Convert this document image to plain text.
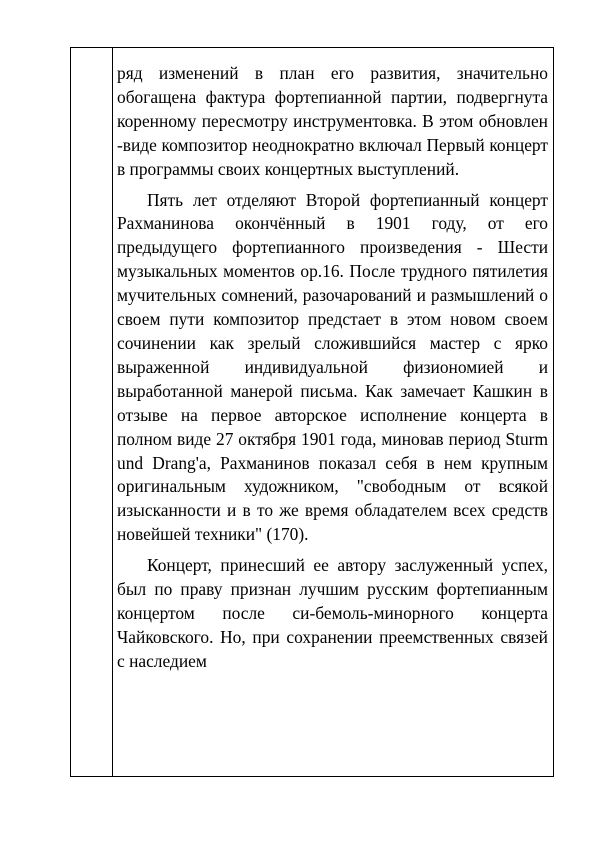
ряд изменений в план его развития, значительно обогащена фактура фортепианной партии, подвергнута коренному пересмотру инструментовка. В этом обновлен -виде композитор неоднократно включал Первый концерт в программы своих концертных выступлений.

Пять лет отделяют Второй фортепианный концерт Рахманинова окончённый в 1901 году, от его предыдущего фортепианного произведения - Шести музыкальных моментов ор.16. После трудного пятилетия мучительных сомнений, разочарований и размышлений о своем пути композитор предстает в этом новом своем сочинении как зрелый сложившийся мастер с ярко выраженной индивидуальной физиономией и выработанной манерой письма. Как замечает Кашкин в отзыве на первое авторское исполнение концерта в полном виде 27 октября 1901 года, миновав период Sturm und Drang'a, Рахманинов показал себя в нем крупным оригинальным художником, "свободным от всякой изысканности и в то же время обладателем всех средств новейшей техники" (170).

Концерт, принесший ее автору заслуженный успех, был по праву признан лучшим русским фортепианным концертом после си-бемоль-минорного концерта Чайковского. Но, при сохранении преемственных связей с наследием
